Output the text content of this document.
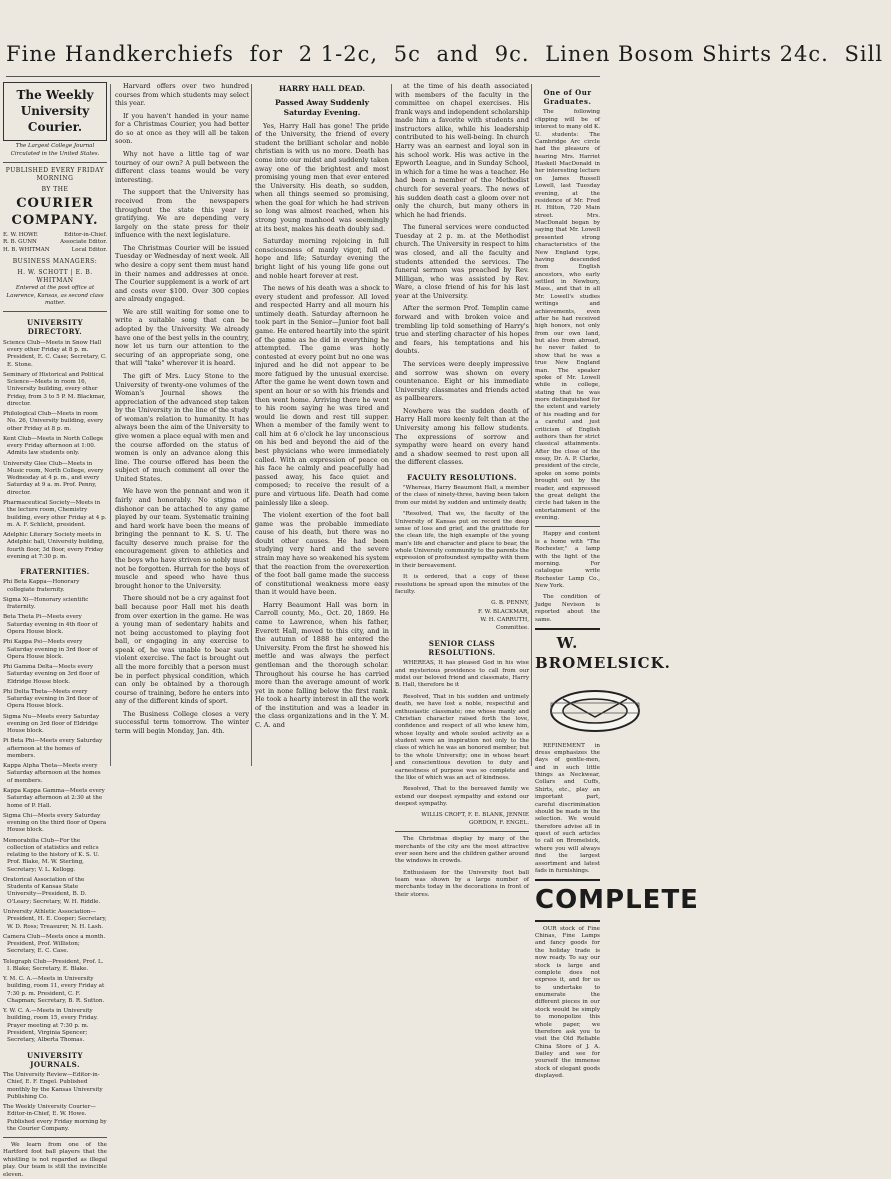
Fine Handkerchiefs for 2 1-2c, 5c and 9c. Linen Bosom Shirts 24c. Sill
The Weekly University Courier.
The Largest College Journal Circulated in the United States.
PUBLISHED EVERY FRIDAY MORNING
BY THE
COURIER COMPANY.
E. W. HOWE	Editor-in-Chief.
R. B. GUNN	Associate Editor.
H. B. WHITMAN	Local Editor.
BUSINESS MANAGERS:
H. W. SCHOTT | E. B. WHITMAN
Entered at the post office at Lawrence, Kansas, as second class matter.
UNIVERSITY DIRECTORY.
Science Club—Meets in Snow Hall every other Friday at 8 p. m. President, E. C. Case; Secretary, C. E. Stone.
Seminary of Historical and Political Science—Meets in room 16, University building, every other Friday, from 3 to 5 P. M. Blackmar, director.
Philological Club—Meets in room No. 26, University building, every other Friday at 8 p. m.
Kent Club—Meets in North College every Friday afternoon at 1:00. Admits law students only.
University Glee Club—Meets in Music room, North College, every Wednesday at 4 p. m., and every Saturday at 9 a. m. Prof. Penny, director.
Pharmaceutical Society—Meets in the lecture room, Chemistry building, every other Friday at 4 p. m. A. F. Schlicht, president.
Adelphic Literary Society meets in Adelphic hall, University building, fourth floor, 3d floor, every Friday evening at 7:30 p. m.
FRATERNITIES.
Phi Beta Kappa—Honorary collegiate fraternity.
Sigma Xi—Honorary scientific fraternity.
Beta Theta Pi—Meets every Saturday evening in 4th floor of Opera House block.
Phi Kappa Psi—Meets every Saturday evening in 3rd floor of Opera House block.
Phi Gamma Delta—Meets every Saturday evening on 3rd floor of Eldridge House block.
Phi Delta Theta—Meets every Saturday evening in 3rd floor of Opera House block.
Sigma Nu—Meets every Saturday evening on 3rd floor of Eldridge House block.
Pi Beta Phi—Meets every Saturday afternoon at the homes of members.
Kappa Alpha Theta—Meets every Saturday afternoon at the homes of members.
Kappa Kappa Gamma—Meets every Saturday afternoon at 2:30 at the home of P. Hall.
Sigma Chi—Meets every Saturday evening on the third floor of Opera House block.
Memorabilia Club—For the collection of statistics and relics relating to the history of K. S. U. Prof. Blake, M. W. Sterling, Secretary; V. L. Kellogg.
Oratorical Association of the Students of Kansas State University—President, B. D. O'Leary; Secretary, W. H. Riddle.
University Athletic Association—President, H. E. Cooper; Secretary, W. D. Ross; Treasurer, N. H. Lash.
Camera Club—Meets once a month. President, Prof. Williston; Secretary, E. C. Case.
Telegraph Club—President, Prof. L. I. Blake; Secretary, E. Blake.
Y. M. C. A.—Meets in University building, room 11, every Friday at 7:30 p. m. President, C. F. Chapman; Secretary, B. R. Sutton.
Y. W. C. A.—Meets in University building, room 15, every Friday. Prayer meeting at 7:30 p. m. President, Virginia Spencer; Secretary, Alberta Thomas.
UNIVERSITY JOURNALS.
The University Review—Editor-in-Chief, E. F. Engel. Published monthly by the Kansas University Publishing Co.
The Weekly University Courier—Editor-in-Chief, E. W. Howe. Published every Friday morning by the Courier Company.

We learn from one of the Hartford foot ball players that the whistling is not regarded as illegal play. Our team is still the invincible eleven.

Harvard offers over two hundred courses from which students may select this year.

If you haven't handed in your name for a Christmas Courier, you had better do so at once as they will all be taken soon.

Why not have a little tag of war tourney of our own? A pull between the different class teams would be very interesting.

The support that the University has received from the newspapers throughout the state this year is gratifying. We are depending very largely on the state press for their influence with the next legislature.

The Christmas Courier will be issued Tuesday or Wednesday of next week. All who desire a copy sent them must hand in their names and addresses at once. The Courier supplement is a work of art and costs over $100. Over 300 copies are already engaged.

We are still waiting for some one to write a suitable song that can be adopted by the University. We already have one of the best yells in the country, now let us turn our attention to the securing of an appropriate song, one that will "take" wherever it is heard.

The gift of Mrs. Lucy Stone to the University of twenty-one volumes of the Woman's Journal shows the appreciation of the advanced step taken by the University in the line of the study of woman's relation to humanity. It has always been the aim of the University to give women a place equal with men and the course afforded on the status of women is only an advance along this line. The course offered has been the subject of much comment all over the United States.

We have won the pennant and won it fairly and honorably. No stigma of dishonor can be attached to any game played by our team. Systematic training and hard work have been the means of bringing the pennant to K. S. U. The faculty deserve much praise for the encouragement given to athletics and the boys who have striven so nobly must not be forgotten. Hurrah for the boys of muscle and speed who have thus brought honor to the University.

There should not be a cry against foot ball because poor Hall met his death from over exertion in the game. He was a young man of sedentary habits and not being accustomed to playing foot ball, or engaging in any exercise to speak of, he was unable to bear such violent exercise. The fact is brought out all the more forcibly that a person must be in perfect physical condition, which can only be obtained by a thorough course of training, before he enters into any of the different kinds of sport.

The Business College closes a very successful term tomorrow. The winter term will begin Monday, Jan. 4th.

HARRY HALL DEAD.
Passed Away Suddenly Saturday Evening.

Yes, Harry Hall has gone! The pride of the University, the friend of every student the brilliant scholar and noble christian is with us no more. Death has come into our midst and suddenly taken away one of the brightest and most promising young men that ever entered the University. His death, so sudden, when all things seemed so promising, when the goal for which he had striven so long was almost reached, when his strong young manhood was seemingly at its best, makes his death doubly sad.

Saturday morning rejoicing in full consciousness of manly vigor, full of hope and life; Saturday evening the bright light of his young life gone out and noble heart forever at rest.

The news of his death was a shock to every student and professor. All loved and respected Harry and all mourn his untimely death. Saturday afternoon he took part in the Senior—Junior foot ball game. He entered heartily into the spirit of the game as he did in everything he attempted. The game was hotly contested at every point but no one was injured and he did not appear to be more fatigued by the unusual exercise. After the game he went down town and spent an hour or so with his friends and then went home. Arriving there he went to his room saying he was tired and would lie down and rest till supper. When a member of the family went to call him at 6 o'clock he lay unconscious on his bed and beyond the aid of the best physicians who were immediately called. With an expression of peace on his face he calmly and peacefully had passed away, his face quiet and composed; to receive the result of a pure and virtuous life. Death had come painlessly like a sleep.

The violent exertion of the foot ball game was the probable immediate cause of his death, but there was no doubt other causes. He had been studying very hard and the severe strain may have so weakened his system that the reaction from the overexertion of the foot ball game made the success of constitutional weakness more easy than it would have been.

Harry Beaumont Hall was born in Carroll county, Mo., Oct. 20, 1869. He came to Lawrence, when his father, Everett Hall, moved to this city, and in the autumn of 1888 he entered the University. From the first he showed his mettle and was always the perfect gentleman and the thorough scholar. Throughout his course he has carried more than the average amount of work yet in none falling below the first rank. He took a hearty interest in all the work of the institution and was a leader in the class organizations and in the Y. M. C. A. and

at the time of his death associated with members of the faculty in the committee on chapel exercises. His frank ways and independent scholarship made him a favorite with students and instructors alike, while his leadership contributed to his well-being. In church Harry was an earnest and loyal son in his school work. His was active in the Epworth League, and in Sunday School, in which for a time he was a teacher. He had been a member of the Methodist church for several years. The news of his sudden death cast a gloom over not only the church, but many others in which he had friends.

The funeral services were conducted Tuesday at 2 p. m. at the Methodist church. The University in respect to him was closed, and all the faculty and students attended the services. The funeral sermon was preached by Rev. Milligan, who was assisted by Rev. Ware, a close friend of his for his last year at the University.

After the sermon Prof. Templin came forward and with broken voice and trembling lip told something of Harry's true and sterling character of his hopes and fears, his temptations and his doubts.

The services were deeply impressive and sorrow was shown on every countenance. Eight or his immediate University classmates and friends acted as pallbearers.

Nowhere was the sudden death of Harry Hall more keenly felt than at the University among his fellow students. The expressions of sorrow and sympathy were heard on every hand and a shadow seemed to rest upon all the different classes.

FACULTY RESOLUTIONS.

"Whereas, Harry Beaumont Hall, a member of the class of ninety-three, having been taken from our midst by sudden and untimely death;

"Resolved, That we, the faculty of the University of Kansas put on record the deep sense of loss and grief, and the gratitude for the clean life, the high example of the young man's life and character and place to bear, the whole University community to the parents the expression of profoundest sympathy with them in their bereavement.

It is ordered, that a copy of these resolutions be spread upon the minutes of the faculty.

G. B. PENNY,
F. W. BLACKMAR,
W. H. CARRUTH,
Committee.
SENIOR CLASS RESOLUTIONS.

WHEREAS, It has pleased God in his wise and mysterious providence to call from our midst our beloved friend and classmate, Harry B. Hall, therefore be it

Resolved, That in his sudden and untimely death, we have lost a noble, respectful and enthusiastic classmate; one whose manly and Christian character raised forth the love, confidence and respect of all who knew him, whose loyalty and whole souled activity as a student were an inspiration not only to the class of which he was an honored member, but to the whole University; one in whose heart and conscientious devotion to duty and earnestness of purpose was so complete and the like of which was an act of kindness.

Resolved, That to the bereaved family we extend our deepest sympathy and extend our deepest sympathy.

WILLIS CROFT, F. E. BLANK, JENNIE GORDON, F. ENGEL.

The Christmas display by many of the merchants of the city are the most attractive ever seen here and the children gather around the windows in crowds.

Enthusiasm for the University foot ball team was shown by a large number of merchants today in the decorations in front of their stores.

One of Our Graduates.

The following clipping will be of interest to many old K. U. students: The Cambridge Arc circle had the pleasure of hearing Mrs. Harriet Haskell MacDonald in her interesting lecture on James Russell Lowell, last Tuesday evening, at the residence of Mr. Fred H. Hilton, 720 Main street. Mrs. MacDonald began by saying that Mr. Lowell presented strong characteristics of the New England type, having descended from English ancestors, who early settled in Newbury, Mass., and that in all Mr. Lowell's studies writings and achievements, even after he had received high honors, not only from our own land, but also from abroad, he never failed to show that he was a true New England man. The speaker spoke of Mr. Lowell while in college, stating that he was more distinguished for the extent and variety of his reading and for a careful and just criticism of English authors than for strict classical attainments. After the close of the essay, Dr. A. P. Clarke, president of the circle, spoke on some points brought out by the reader, and expressed the great delight the circle had taken in the entertainment of the evening.

Happy and content is a home with "The Rochester," a lamp with the light of the morning. For catalogue write Rochester Lamp Co., New York.

The condition of Judge Nevison is reported about the same.

W. BROMELSICK.

REFINEMENT in dress emphasizes the days of gentle-men, and in such little things as Neckwear, Collars and Cuffs, Shirts, etc., play an important part, careful discrimination should be made in the selection. We would therefore advise all in quest of such articles to call on Bromelsick, where you will always find the largest assortment and latest fads in furnishings.

COMPLETE

OUR stock of Fine Chinas, Fine Lamps and fancy goods for the holiday trade is now ready. To say our stock is large and complete does not express it, and for us to undertake to enumerate the different pieces in our stock would be simply to monopolize this whole paper, we therefore ask you to visit the Old Reliable China Store of J. A. Dailey and see for yourself the immense stock of elegant goods displayed.
